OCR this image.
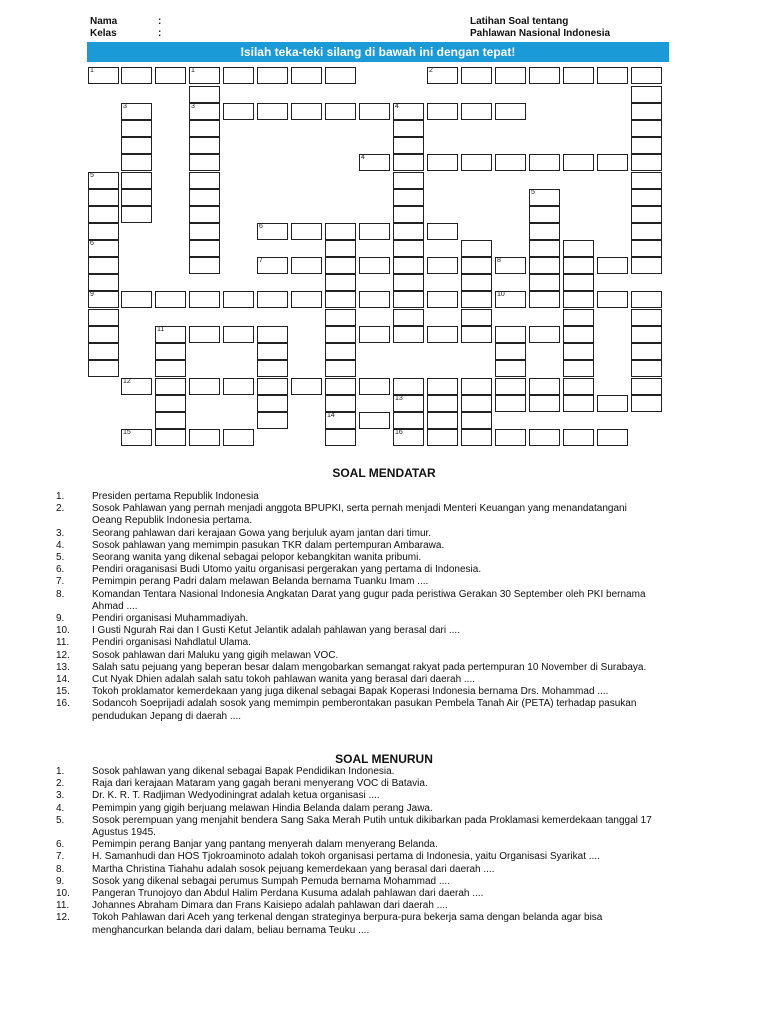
Nama	:
Kelas	:
Latihan Soal tentang
Pahlawan Nasional Indonesia
Isilah teka-teki silang di bawah ini dengan tepat!
1	1	2
3	4
4
6
7	8
9	10
11
12
13
14
15	16
3
5
6
5
SOAL MENDATAR
1.	Presiden pertama Republik Indonesia
2.	Sosok Pahlawan yang pernah menjadi anggota BPUPKI, serta pernah menjadi Menteri Keuangan yang menandatangani Oeang Republik Indonesia pertama.
3.	Seorang pahlawan dari kerajaan Gowa yang berjuluk ayam jantan dari timur.
4.	Sosok pahlawan yang memimpin pasukan TKR dalam pertempuran Ambarawa.
5.	Seorang wanita yang dikenal sebagai pelopor kebangkitan wanita pribumi.
6.	Pendiri oraganisasi Budi Utomo yaitu organisasi pergerakan yang pertama di Indonesia.
7.	Pemimpin perang Padri dalam melawan Belanda bernama Tuanku Imam ....
8.	Komandan Tentara Nasional Indonesia Angkatan Darat yang gugur pada peristiwa Gerakan 30 September oleh PKI bernama Ahmad ....
9.	Pendiri organisasi Muhammadiyah.
10.	I Gusti Ngurah Rai dan I Gusti Ketut Jelantik adalah pahlawan yang berasal dari ....
11.	Pendiri organisasi Nahdlatul Ulama.
12.	Sosok pahlawan dari Maluku yang gigih melawan VOC.
13.	Salah satu pejuang yang beperan besar dalam mengobarkan semangat rakyat pada pertempuran 10 November di Surabaya.
14.	Cut Nyak Dhien adalah salah satu tokoh pahlawan wanita yang berasal dari daerah ....
15.	Tokoh proklamator kemerdekaan yang juga dikenal sebagai Bapak Koperasi Indonesia bernama Drs. Mohammad ....
16.	Sodancoh Soeprijadi adalah sosok yang memimpin pemberontakan pasukan Pembela Tanah Air (PETA) terhadap pasukan pendudukan Jepang di daerah ....
SOAL MENURUN
1.	Sosok pahlawan yang dikenal sebagai Bapak Pendidikan Indonesia.
2.	Raja dari kerajaan Mataram yang gagah berani menyerang VOC di Batavia.
3.	Dr. K. R. T. Radjiman Wedyodiningrat adalah ketua organisasi ....
4.	Pemimpin yang gigih berjuang melawan Hindia Belanda dalam perang Jawa.
5.	Sosok perempuan yang menjahit bendera Sang Saka Merah Putih untuk dikibarkan pada Proklamasi kemerdekaan tanggal 17 Agustus 1945.
6.	Pemimpin perang Banjar yang pantang menyerah dalam menyerang Belanda.
7.	H. Samanhudi dan HOS Tjokroaminoto adalah tokoh organisasi pertama di Indonesia, yaitu Organisasi Syarikat ....
8.	Martha Christina Tiahahu adalah sosok pejuang kemerdekaan yang berasal dari daerah ....
9.	Sosok yang dikenal sebagai perumus Sumpah Pemuda bernama Mohammad ....
10.	Pangeran Trunojoyo dan Abdul Halim Perdana Kusuma adalah pahlawan dari daerah ....
11.	Johannes Abraham Dimara dan Frans Kaisiepo adalah pahlawan dari daerah ....
12.	Tokoh Pahlawan dari Aceh yang terkenal dengan strateginya berpura-pura bekerja sama dengan belanda agar bisa menghancurkan belanda dari dalam, beliau bernama Teuku ....
